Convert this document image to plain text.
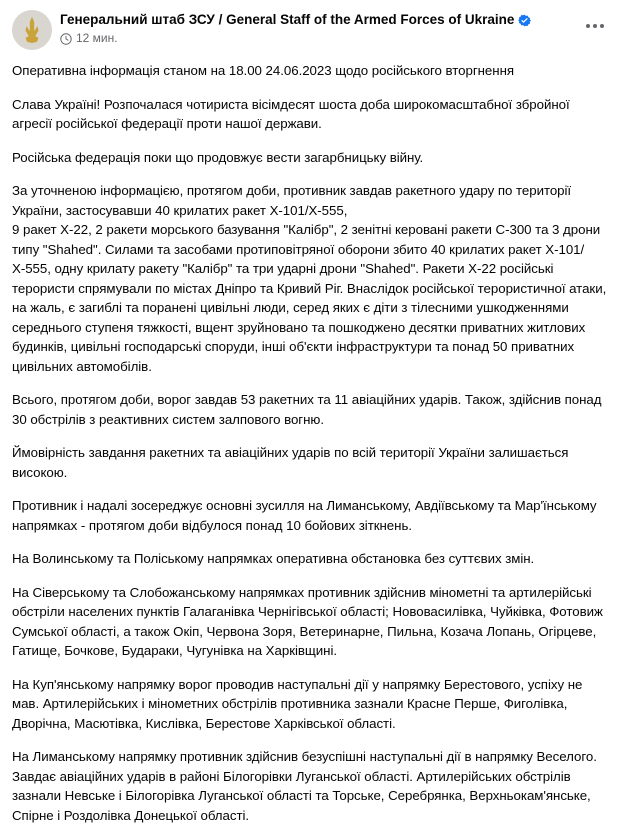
Генеральний штаб ЗСУ / General Staff of the Armed Forces of Ukraine
12 мин.

Оперативна інформація станом на 18.00 24.06.2023 щодо російського вторгнення

Слава Україні! Розпочалася чотириста вісімдесят шоста доба широкомасштабної збройної агресії російської федерації проти нашої держави.

Російська федерація поки що продовжує вести загарбницьку війну.

За уточненою інформацією, протягом доби, противник завдав ракетного удару по території України, застосувавши 40 крилатих ракет Х-101/Х-555,

9 ракет Х-22, 2 ракети морського базування "Калібр", 2 зенітні керовані ракети С-300 та 3 дрони типу "Shahed". Силами та засобами протиповітряної оборони збито 40 крилатих ракет Х-101/Х-555, одну крилату ракету "Калібр" та три ударні дрони "Shahed". Ракети Х-22 російські терористи спрямували по містах Дніпро та Кривий Ріг. Внаслідок російської терористичної атаки, на жаль, є загиблі та поранені цивільні люди, серед яких є діти з тілесними ушкодженнями середнього ступеня тяжкості, вщент зруйновано та пошкоджено десятки приватних житлових будинків, цивільні господарські споруди, інші об'єкти інфраструктури та понад 50 приватних цивільних автомобілів.

Всього, протягом доби, ворог завдав 53 ракетних та 11 авіаційних ударів. Також, здійснив понад 30 обстрілів з реактивних систем залпового вогню.

Ймовірність завдання ракетних та авіаційних ударів по всій території України залишається високою.

Противник і надалі зосереджує основні зусилля на Лиманському, Авдіївському та Мар'їнському напрямках - протягом доби відбулося понад 10 бойових зіткнень.

На Волинському та Поліському напрямках оперативна обстановка без суттєвих змін.

На Сіверському та Слобожанському напрямках противник здійснив мінометні та артилерійські обстріли населених пунктів Галаганівка Чернігівської області; Нововасилівка, Чуйківка, Фотовиж Сумської області, а також Окіп, Червона Зоря, Ветеринарне, Пильна, Козача Лопань, Огірцеве, Гатище, Бочкове, Будараки, Чугунівка на Харківщині.

На Куп'янському напрямку ворог проводив наступальні дії у напрямку Берестового, успіху не мав. Артилерійських і мінометних обстрілів противника зазнали Красне Перше, Фиголівка, Дворічна, Масютівка, Кислівка, Берестове Харківської області.

На Лиманському напрямку противник здійснив безуспішні наступальні дії в напрямку Веселого. Завдає авіаційних ударів в районі Білогорівки Луганської області. Артилерійських обстрілів зазнали Невське і Білогорівка Луганської області та Торське, Серебрянка, Верхньокам'янське, Спірне і Роздолівка Донецької області.
